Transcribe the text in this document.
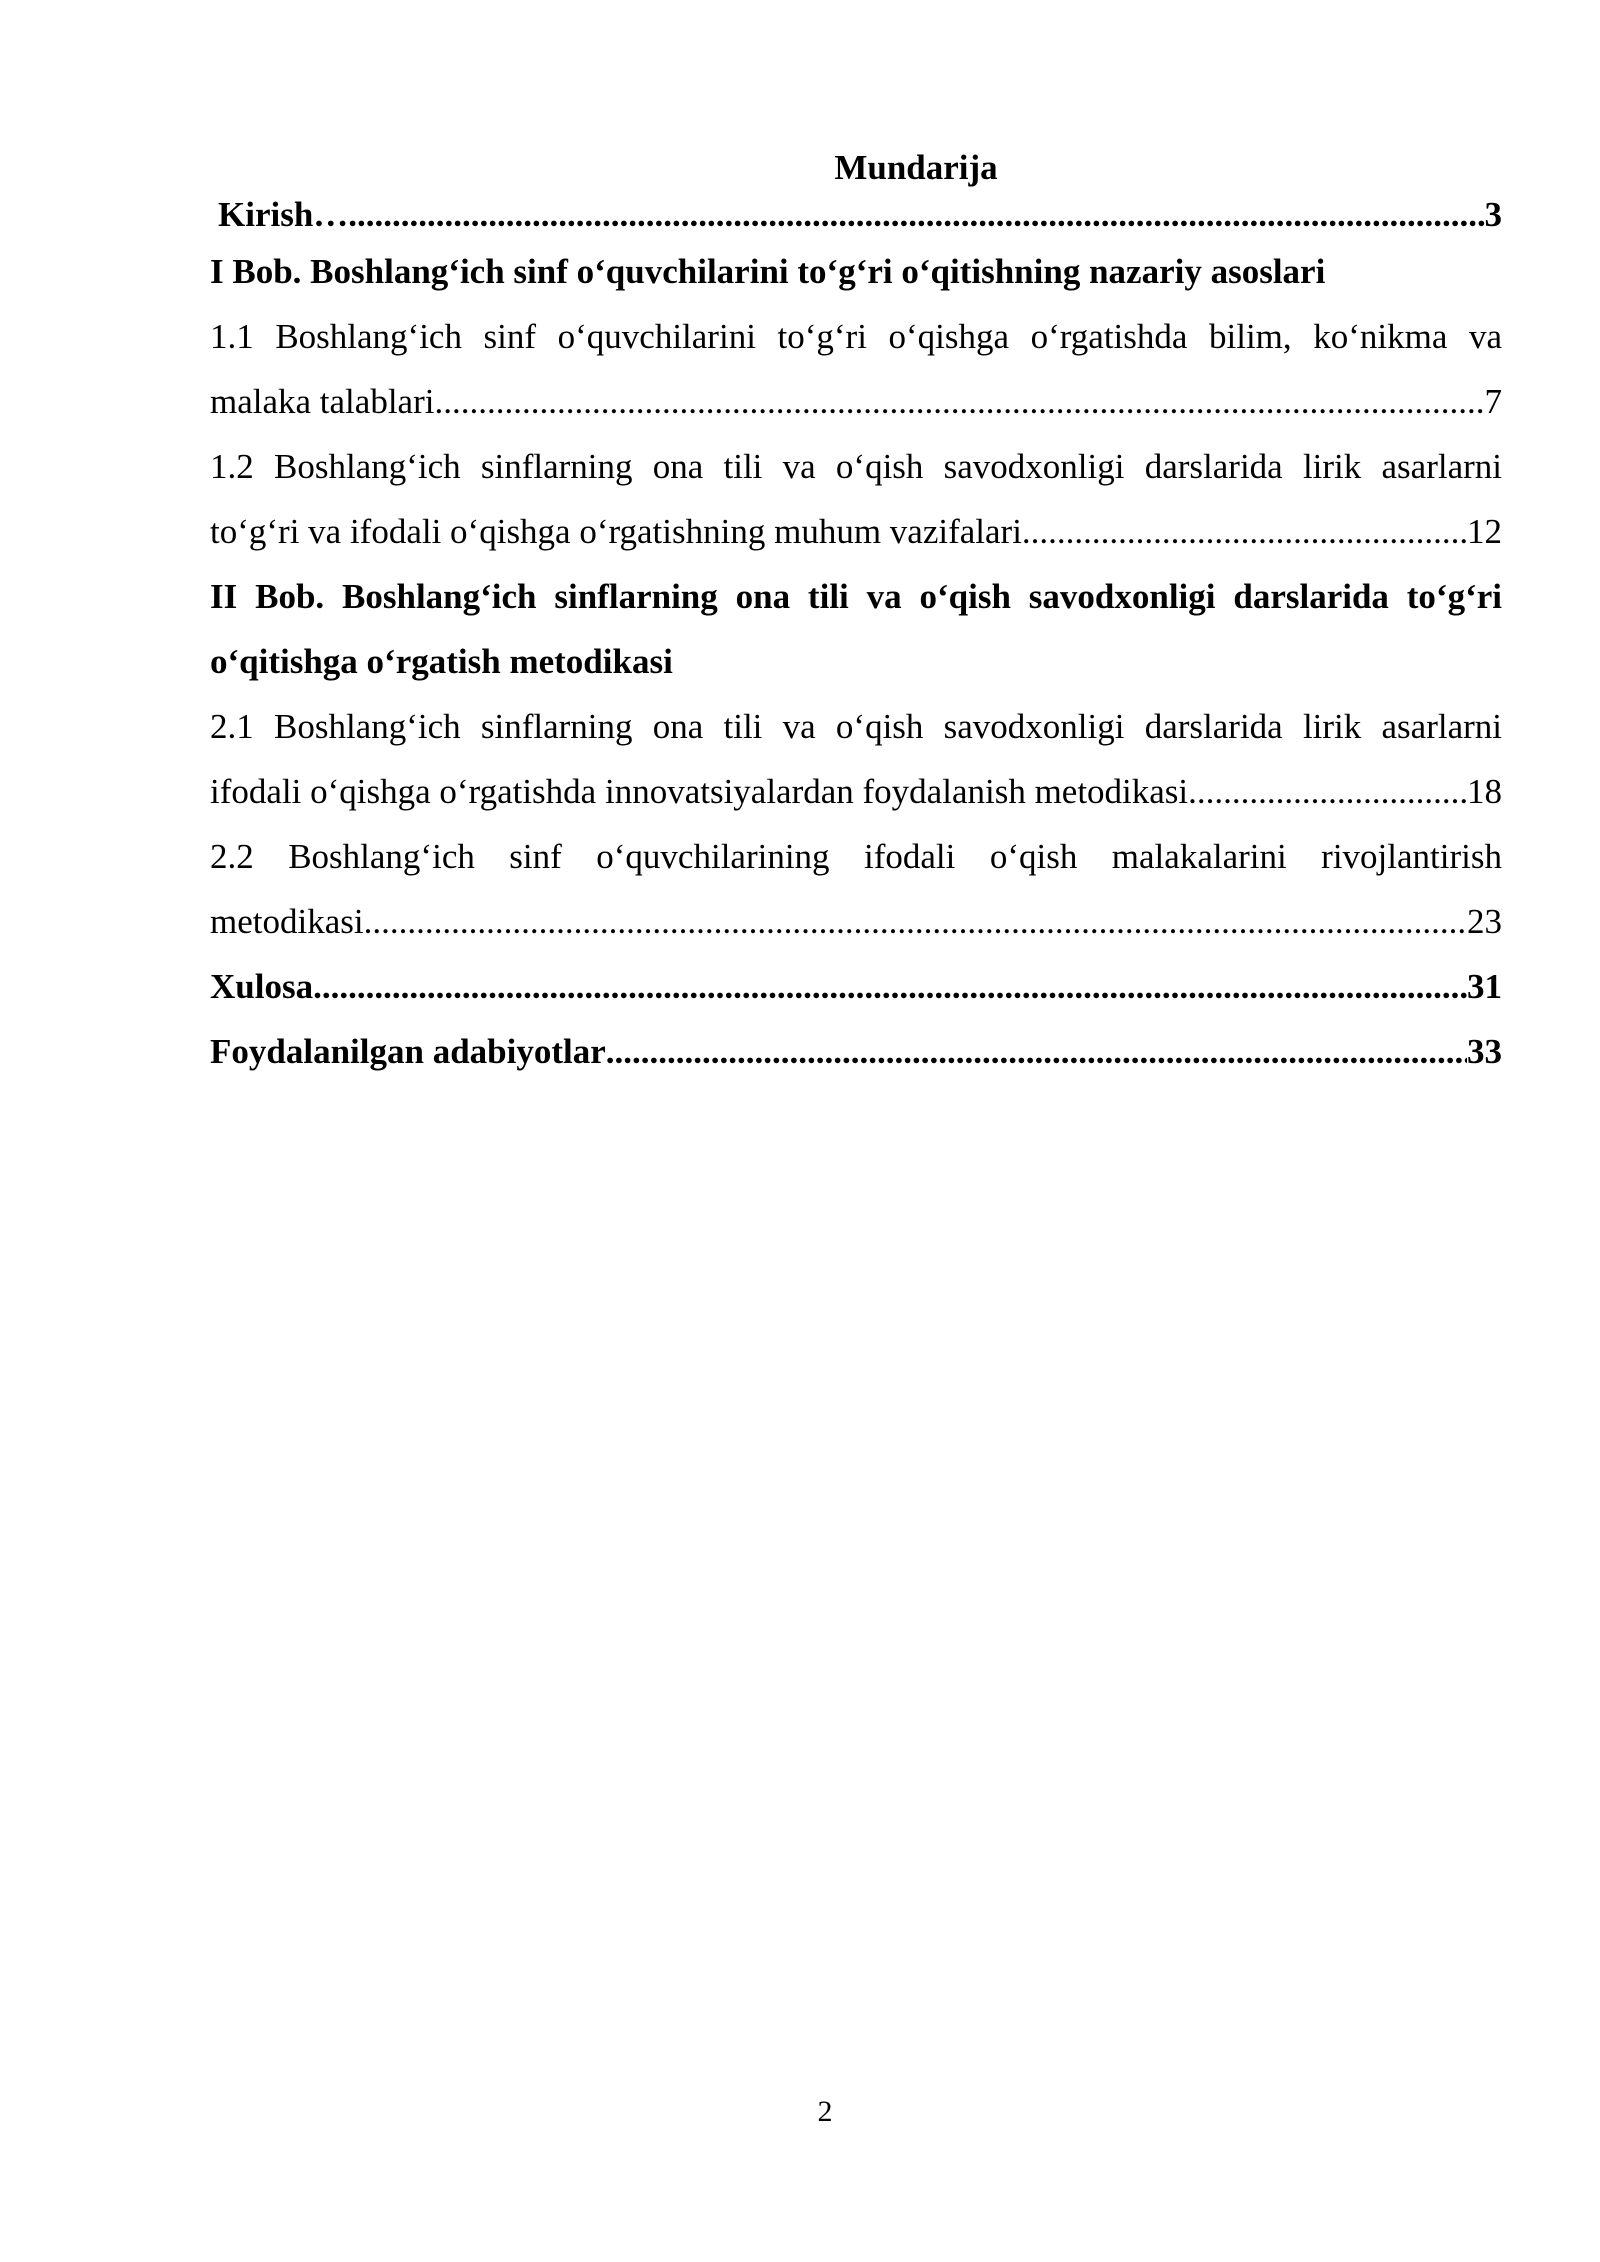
Mundarija
Kirish… .....	3
I Bob. Boshlang‘ich sinf o‘quvchilarini to‘g‘ri o‘qitishning nazariy asoslari
1.1 Boshlang‘ich sinf o‘quvchilarini to‘g‘ri o‘qishga o‘rgatishda bilim, ko‘nikma va
malaka talablari .....	7
1.2 Boshlang‘ich sinflarning ona tili va o‘qish savodxonligi darslarida lirik asarlarni
to‘g‘ri va ifodali o‘qishga o‘rgatishning muhum vazifalari .....	12
II Bob. Boshlang‘ich sinflarning ona tili va o‘qish savodxonligi darslarida to‘g‘ri
o‘qitishga o‘rgatish metodikasi
2.1 Boshlang‘ich sinflarning ona tili va o‘qish savodxonligi darslarida lirik asarlarni
ifodali o‘qishga o‘rgatishda innovatsiyalardan foydalanish metodikasi .....	18
2.2 Boshlang‘ich sinf o‘quvchilarining ifodali o‘qish malakalarini rivojlantirish
metodikasi .....	23
Xulosa .....	31
Foydalanilgan adabiyotlar .....	33
2
